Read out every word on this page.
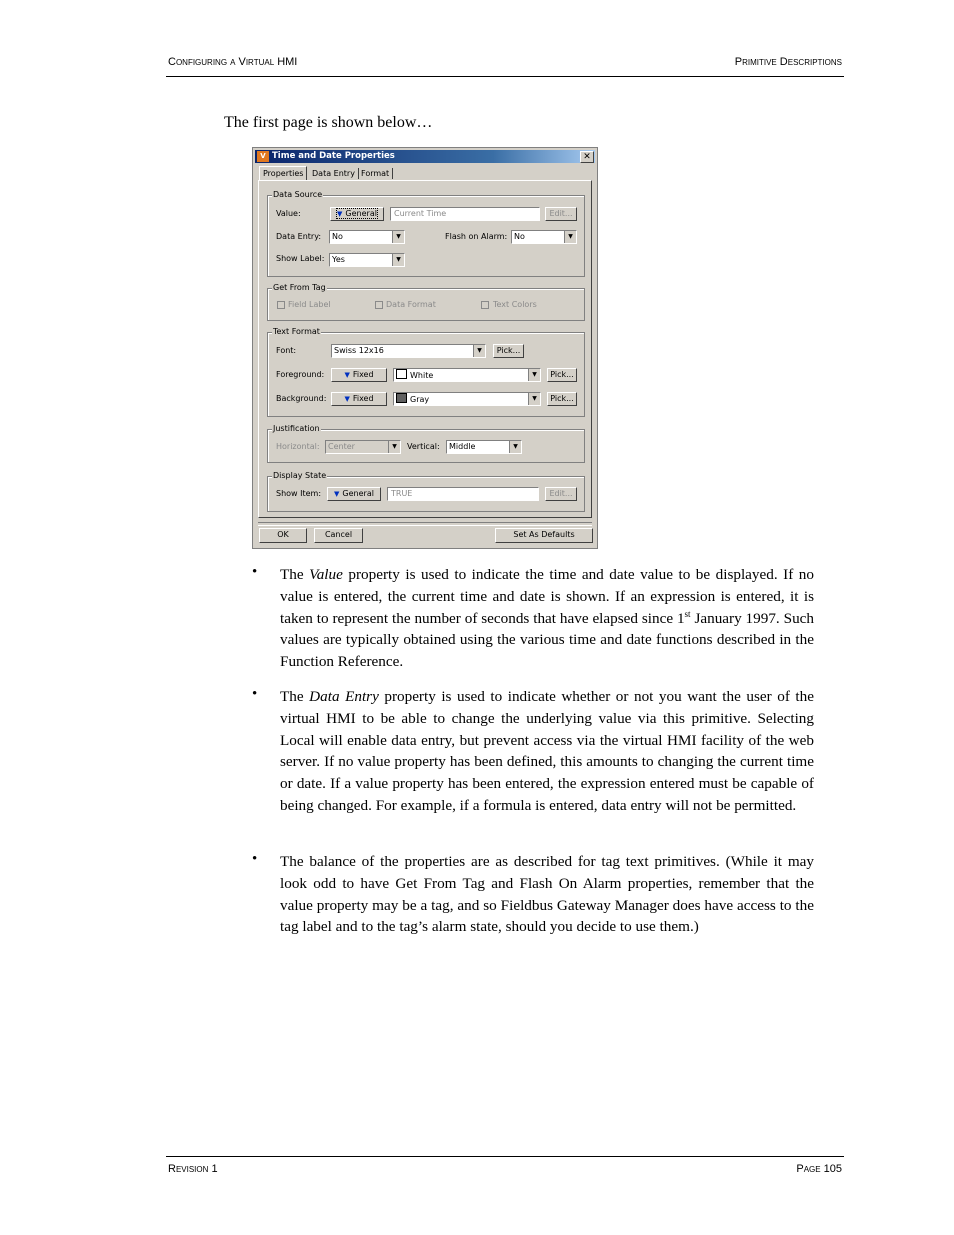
Configuring a Virtual HMI	Primitive Descriptions
The first page is shown below…
V Time and Date Properties	✕
Properties	Data Entry Format
Data Source
Value:	▼ General	Current Time	Edit...
Data Entry:	No	▼	Flash on Alarm: No	▼
Show Label: Yes	▼
Get From Tag
Field Label	Data Format	Text Colors
Text Format
Font:	Swiss 12x16	▼	Pick...
Foreground:	▼ Fixed	White	▼	Pick...
Background:	▼ Fixed	Gray	▼	Pick...
Justification
Horizontal:	Center	▼	Vertical:	Middle	▼
Display State
Show Item:	▼ General	TRUE	Edit...
OK	Cancel	Set As Defaults
• The Value property is used to indicate the time and date value to be displayed. If no value is entered, the current time and date is shown. If an expression is entered, it is taken to represent the number of seconds that have elapsed since 1st January 1997. Such values are typically obtained using the various time and date functions described in the Function Reference.

• The Data Entry property is used to indicate whether or not you want the user of the virtual HMI to be able to change the underlying value via this primitive. Selecting Local will enable data entry, but prevent access via the virtual HMI facility of the web server. If no value property has been defined, this amounts to changing the current time or date. If a value property has been entered, the expression entered must be capable of being changed. For example, if a formula is entered, data entry will not be permitted.

• The balance of the properties are as described for tag text primitives. (While it may look odd to have Get From Tag and Flash On Alarm properties, remember that the value property may be a tag, and so Fieldbus Gateway Manager does have access to the tag label and to the tag’s alarm state, should you decide to use them.)

Revision 1	Page 105
